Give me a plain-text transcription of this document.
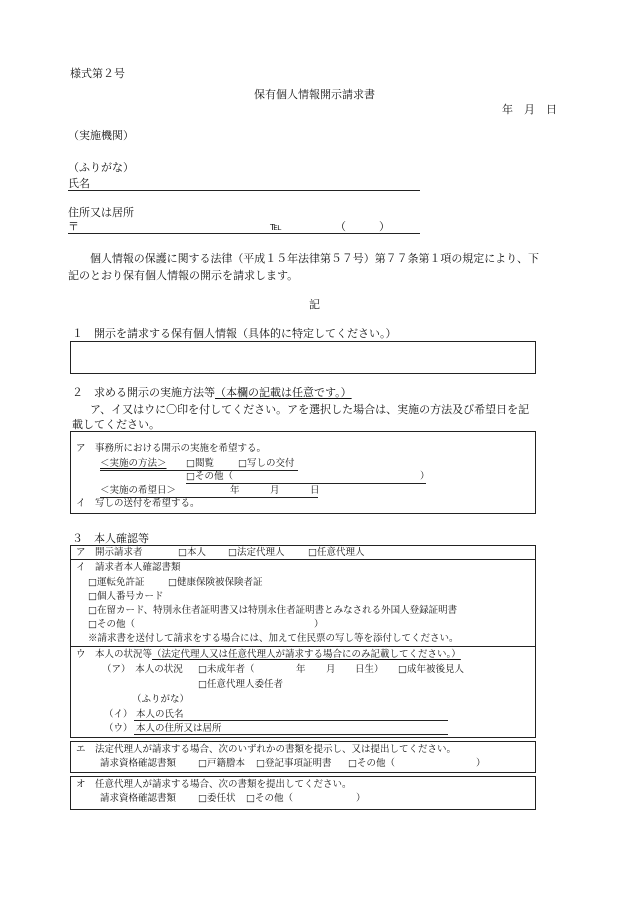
様式第２号
保有個人情報開示請求書
年　月　日
（実施機関）
（ふりがな）
氏名
住所又は居所
〒	℡	（　　　）
個人情報の保護に関する法律（平成１５年法律第５７号）第７７条第１項の規定により、下
記のとおり保有個人情報の開示を請求します。
記
１　開示を請求する保有個人情報（具体的に特定してください。）
２　求める開示の実施方法等（本欄の記載は任意です。）
ア、イ又はウに〇印を付してください。アを選択した場合は、実施の方法及び希望日を記
載してください。
ア　事務所における開示の実施を希望する。
＜実施の方法＞ □閲覧	□写しの交付
□その他（	）
＜実施の希望日＞	年	月	日
イ　写しの送付を希望する。
３　本人確認等
ア　開示請求者	□本人 □法定代理人 □任意代理人
イ　請求者本人確認書類
□運転免許証 □健康保険被保険者証
□個人番号カード
□在留カード、特別永住者証明書又は特別永住者証明書とみなされる外国人登録証明書
□その他（	）
※請求書を送付して請求をする場合には、加えて住民票の写し等を添付してください。
ウ　本人の状況等（法定代理人又は任意代理人が請求する場合にのみ記載してください。）
（ア）　本人の状況 □未成年者（	年 月 日生） □成年被後見人
□任意代理人委任者
（ふりがな）
（イ） 本人の氏名
（ウ） 本人の住所又は居所
エ　法定代理人が請求する場合、次のいずれかの書類を提示し、又は提出してください。
請求資格確認書類 □戸籍謄本 □登記事項証明書 □その他（	）
オ　任意代理人が請求する場合、次の書類を提出してください。
請求資格確認書類 □委任状 □その他（	）
